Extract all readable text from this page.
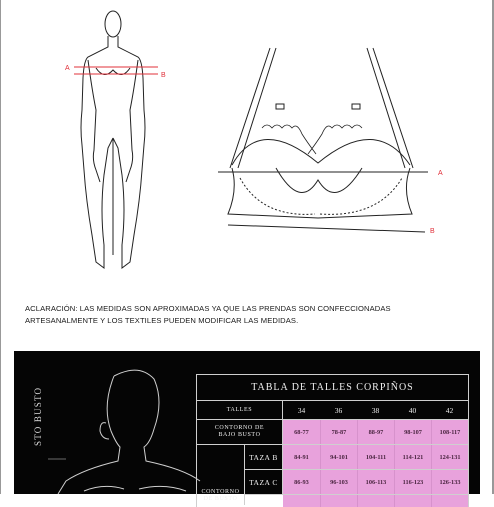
A
B
A
B
ACLARACIÓN: LAS MEDIDAS SON APROXIMADAS YA QUE LAS PRENDAS SON CONFECCIONADAS
ARTESANALMENTE Y LOS TEXTILES PUEDEN MODIFICAR LAS MEDIDAS.
STO BUSTO	TABLA DE TALLES CORPIÑOS
TALLES	34	36	38	40	42
CONTORNO DE
BAJO BUSTO	68-77	78-87	88-97	98-107	108-117
CONTORNO
DE BUSTO
TAZA B	84-91	94-101	104-111	114-121	124-131
TAZA C	86-93	96-103	106-113	116-123	126-133
